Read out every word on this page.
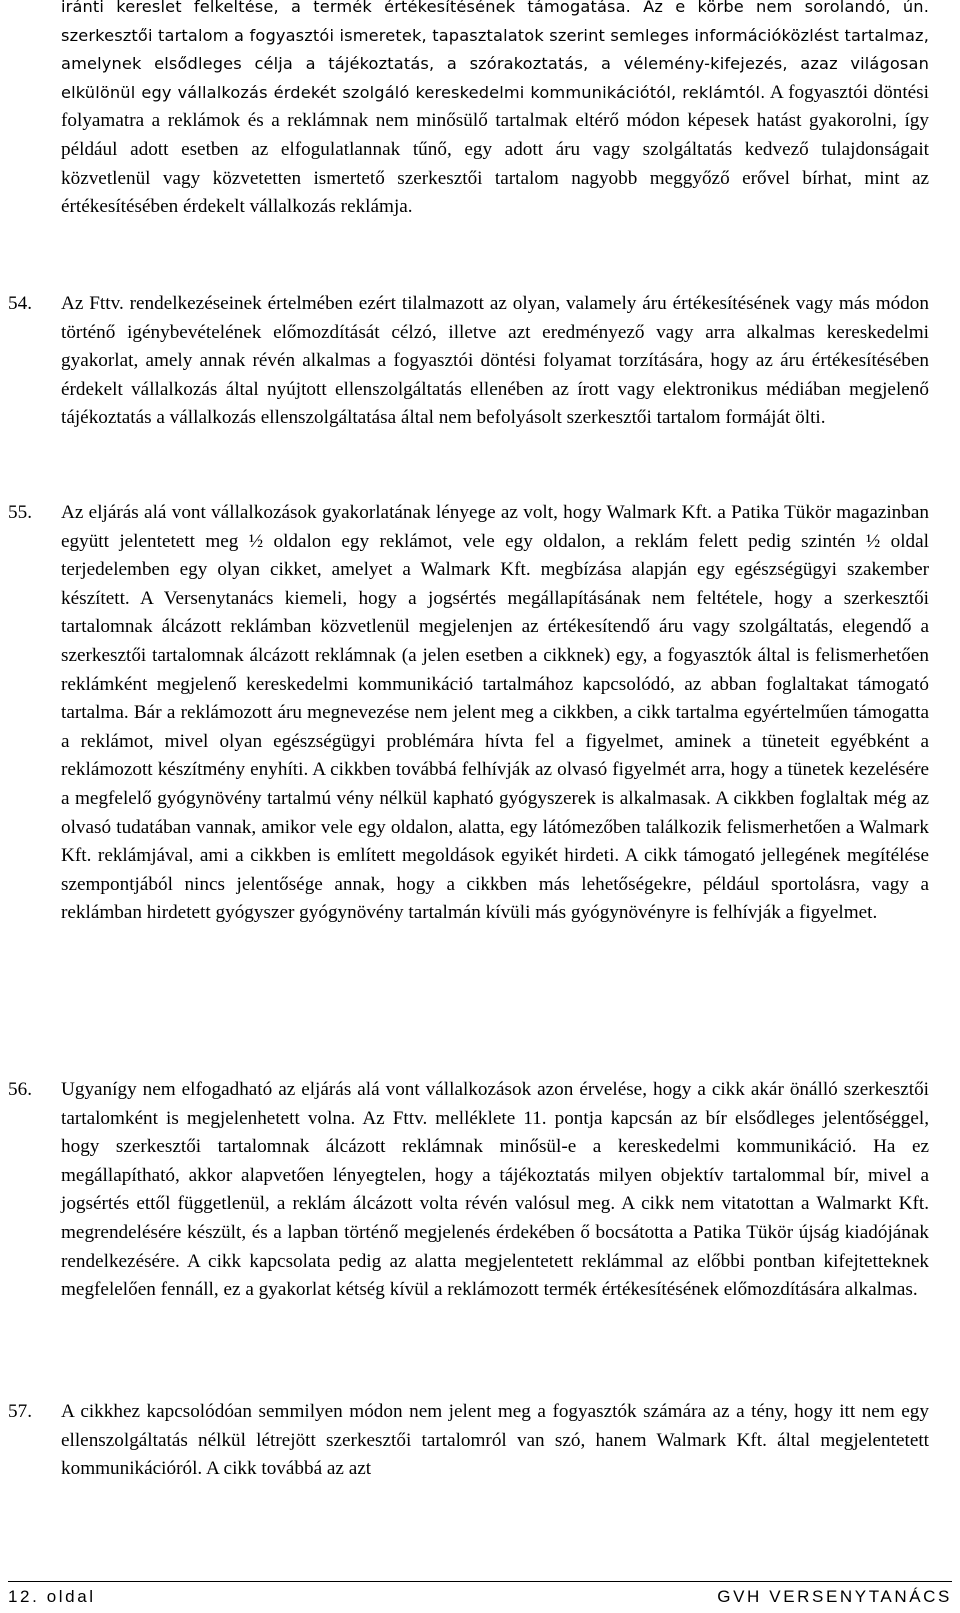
iránti kereslet felkeltése, a termék értékesítésének támogatása. Az e körbe nem sorolandó, ún. szerkesztői tartalom a fogyasztói ismeretek, tapasztalatok szerint semleges információközlést tartalmaz, amelynek elsődleges célja a tájékoztatás, a szórakoztatás, a vélemény-kifejezés, azaz világosan elkülönül egy vállalkozás érdekét szolgáló kereskedelmi kommunikációtól, reklámtól. A fogyasztói döntési folyamatra a reklámok és a reklámnak nem minősülő tartalmak eltérő módon képesek hatást gyakorolni, így például adott esetben az elfogulatlannak tűnő, egy adott áru vagy szolgáltatás kedvező tulajdonságait közvetlenül vagy közvetetten ismertető szerkesztői tartalom nagyobb meggyőző erővel bírhat, mint az értékesítésében érdekelt vállalkozás reklámja.

54. Az Fttv. rendelkezéseinek értelmében ezért tilalmazott az olyan, valamely áru értékesítésének vagy más módon történő igénybevételének előmozdítását célzó, illetve azt eredményező vagy arra alkalmas kereskedelmi gyakorlat, amely annak révén alkalmas a fogyasztói döntési folyamat torzítására, hogy az áru értékesítésében érdekelt vállalkozás által nyújtott ellenszolgáltatás ellenében az írott vagy elektronikus médiában megjelenő tájékoztatás a vállalkozás ellenszolgáltatása által nem befolyásolt szerkesztői tartalom formáját ölti.

55. Az eljárás alá vont vállalkozások gyakorlatának lényege az volt, hogy Walmark Kft. a Patika Tükör magazinban együtt jelentetett meg ½ oldalon egy reklámot, vele egy oldalon, a reklám felett pedig szintén ½ oldal terjedelemben egy olyan cikket, amelyet a Walmark Kft. megbízása alapján egy egészségügyi szakember készített. A Versenytanács kiemeli, hogy a jogsértés megállapításának nem feltétele, hogy a szerkesztői tartalomnak álcázott reklámban közvetlenül megjelenjen az értékesítendő áru vagy szolgáltatás, elegendő a szerkesztői tartalomnak álcázott reklámnak (a jelen esetben a cikknek) egy, a fogyasztók által is felismerhetően reklámként megjelenő kereskedelmi kommunikáció tartalmához kapcsolódó, az abban foglaltakat támogató tartalma. Bár a reklámozott áru megnevezése nem jelent meg a cikkben, a cikk tartalma egyértelműen támogatta a reklámot, mivel olyan egészségügyi problémára hívta fel a figyelmet, aminek a tüneteit egyébként a reklámozott készítmény enyhíti. A cikkben továbbá felhívják az olvasó figyelmét arra, hogy a tünetek kezelésére a megfelelő gyógynövény tartalmú vény nélkül kapható gyógyszerek is alkalmasak. A cikkben foglaltak még az olvasó tudatában vannak, amikor vele egy oldalon, alatta, egy látómezőben találkozik felismerhetően a Walmark Kft. reklámjával, ami a cikkben is említett megoldások egyikét hirdeti. A cikk támogató jellegének megítélése szempontjából nincs jelentősége annak, hogy a cikkben más lehetőségekre, például sportolásra, vagy a reklámban hirdetett gyógyszer gyógynövény tartalmán kívüli más gyógynövényre is felhívják a figyelmet.

56. Ugyanígy nem elfogadható az eljárás alá vont vállalkozások azon érvelése, hogy a cikk akár önálló szerkesztői tartalomként is megjelenhetett volna. Az Fttv. melléklete 11. pontja kapcsán az bír elsődleges jelentőséggel, hogy szerkesztői tartalomnak álcázott reklámnak minősül-e a kereskedelmi kommunikáció. Ha ez megállapítható, akkor alapvetően lényegtelen, hogy a tájékoztatás milyen objektív tartalommal bír, mivel a jogsértés ettől függetlenül, a reklám álcázott volta révén valósul meg. A cikk nem vitatottan a Walmarkt Kft. megrendelésére készült, és a lapban történő megjelenés érdekében ő bocsátotta a Patika Tükör újság kiadójának rendelkezésére. A cikk kapcsolata pedig az alatta megjelentetett reklámmal az előbbi pontban kifejtetteknek megfelelően fennáll, ez a gyakorlat kétség kívül a reklámozott termék értékesítésének előmozdítására alkalmas.

57. A cikkhez kapcsolódóan semmilyen módon nem jelent meg a fogyasztók számára az a tény, hogy itt nem egy ellenszolgáltatás nélkül létrejött szerkesztői tartalomról van szó, hanem Walmark Kft. által megjelentetett kommunikációról. A cikk továbbá az azt

12. oldal	GVH VERSENYTANÁCS
